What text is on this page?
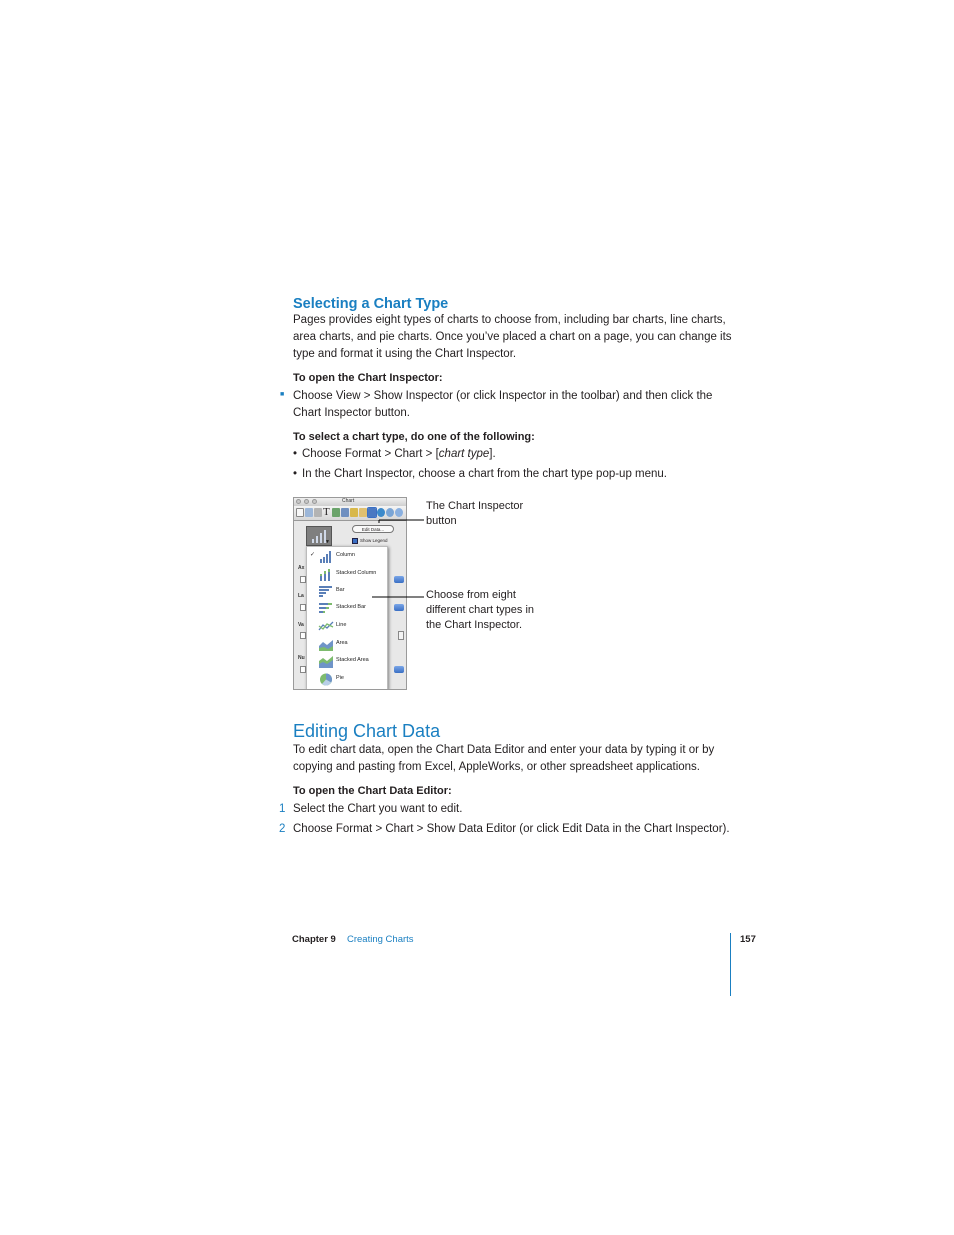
Selecting a Chart Type
Pages provides eight types of charts to choose from, including bar charts, line charts,
area charts, and pie charts. Once you’ve placed a chart on a page, you can change its
type and format it using the Chart Inspector.
To open the Chart Inspector:
■ Choose View > Show Inspector (or click Inspector in the toolbar) and then click the
Chart Inspector button.
To select a chart type, do one of the following:
• Choose Format > Chart > [chart type].
• In the Chart Inspector, choose a chart from the chart type pop-up menu.
Chart
T
▼
Edit Data...
Show Legend
Ax
La
Va
Nu
✓	Column
Stacked Column
Bar
Stacked Bar
Line
Area
Stacked Area
Pie
The Chart Inspector
button
Choose from eight
different chart types in
the Chart Inspector.
Editing Chart Data
To edit chart data, open the Chart Data Editor and enter your data by typing it or by
copying and pasting from Excel, AppleWorks, or other spreadsheet applications.
To open the Chart Data Editor:
1 Select the Chart you want to edit.
2 Choose Format > Chart > Show Data Editor (or click Edit Data in the Chart Inspector).
Chapter 9 Creating Charts	157
